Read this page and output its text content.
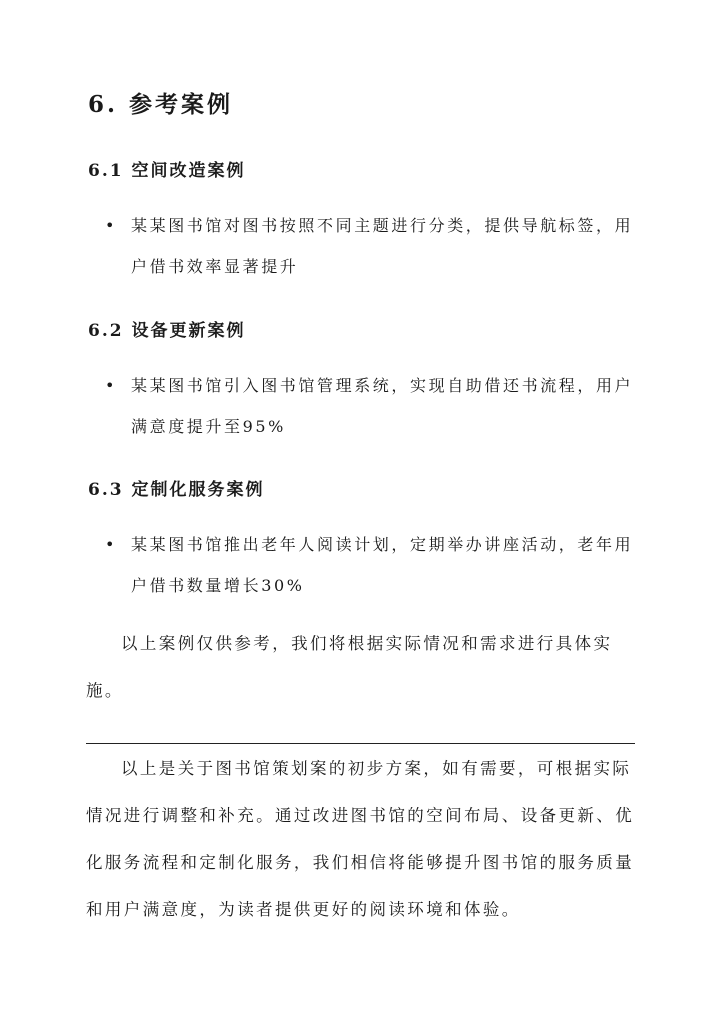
6. 参考案例
6.1 空间改造案例
• 某某图书馆对图书按照不同主题进行分类，提供导航标签，用户借书效率显著提升
6.2 设备更新案例
• 某某图书馆引入图书馆管理系统，实现自助借还书流程，用户满意度提升至95%
6.3 定制化服务案例
• 某某图书馆推出老年人阅读计划，定期举办讲座活动，老年用户借书数量增长30%

以上案例仅供参考，我们将根据实际情况和需求进行具体实施。

以上是关于图书馆策划案的初步方案，如有需要，可根据实际情况进行调整和补充。通过改进图书馆的空间布局、设备更新、优化服务流程和定制化服务，我们相信将能够提升图书馆的服务质量和用户满意度，为读者提供更好的阅读环境和体验。
